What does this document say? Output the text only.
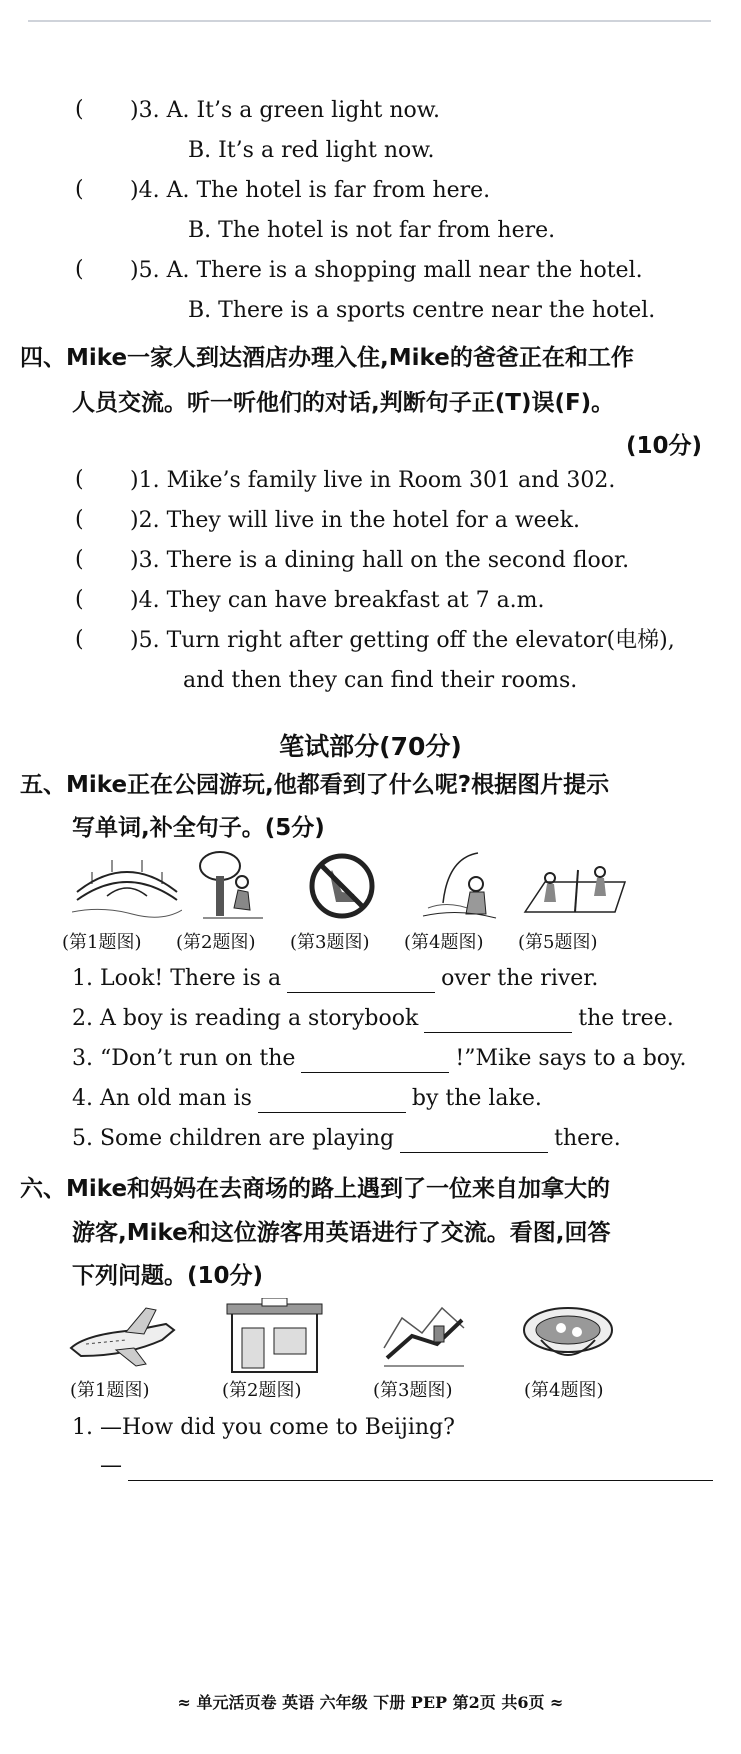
( )3. A. It’s a green light now.
B. It’s a red light now.
( )4. A. The hotel is far from here.
B. The hotel is not far from here.
( )5. A. There is a shopping mall near the hotel.
B. There is a sports centre near the hotel.
四、Mike一家人到达酒店办理入住,Mike的爸爸正在和工作
人员交流。听一听他们的对话,判断句子正(T)误(F)。
(10分)
( )1. Mike’s family live in Room 301 and 302.
( )2. They will live in the hotel for a week.
( )3. There is a dining hall on the second floor.
( )4. They can have breakfast at 7 a.m.
( )5. Turn right after getting off the elevator(电梯),
and then they can find their rooms.
笔试部分(70分)
五、Mike正在公园游玩,他都看到了什么呢?根据图片提示
写单词,补全句子。(5分)
(第1题图) (第2题图) (第3题图) (第4题图) (第5题图)
1. Look! There is a	over the river.
2. A boy is reading a storybook	the tree.
3. “Don’t run on the	!”Mike says to a boy.
4. An old man is	by the lake.
5. Some children are playing	there.
六、Mike和妈妈在去商场的路上遇到了一位来自加拿大的
游客,Mike和这位游客用英语进行了交流。看图,回答
下列问题。(10分)
(第1题图)	(第2题图)	(第3题图)	(第4题图)
1. —How did you come to Beijing?
—
≈ 单元活页卷 英语 六年级 下册 PEP 第2页 共6页 ≈
